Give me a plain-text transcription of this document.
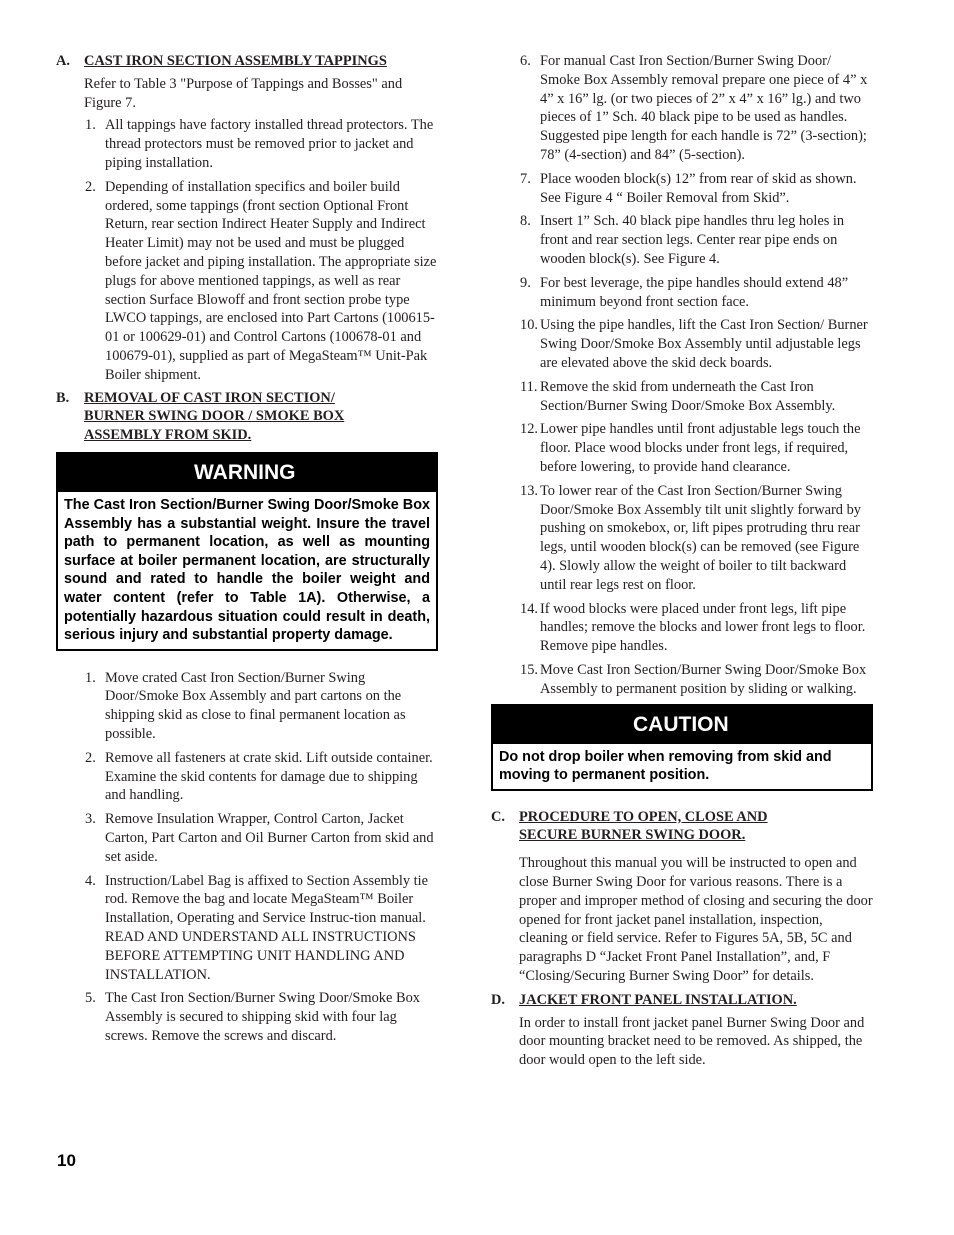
A. CAST IRON SECTION ASSEMBLY TAPPINGS
Refer to Table 3 "Purpose of Tappings and Bosses" and Figure 7.
1. All tappings have factory installed thread protectors. The thread protectors must be removed prior to jacket and piping installation.
2. Depending of installation specifics and boiler build ordered, some tappings (front section Optional Front Return, rear section Indirect Heater Supply and Indirect Heater Limit) may not be used and must be plugged before jacket and piping installation. The appropriate size plugs for above mentioned tappings, as well as rear section Surface Blowoff and front section probe type LWCO tappings, are enclosed into Part Cartons (100615-01 or 100629-01) and Control Cartons (100678-01 and 100679-01), supplied as part of MegaSteam™ Unit-Pak Boiler shipment.
B.	REMOVAL OF CAST IRON SECTION/ BURNER SWING DOOR / SMOKE BOX ASSEMBLY FROM SKID.
WARNING
The Cast Iron Section/Burner Swing Door/Smoke Box Assembly has a substantial weight. Insure the travel path to permanent location, as well as mounting surface at boiler permanent location, are structurally sound and rated to handle the boiler weight and water content (refer to Table 1A). Otherwise, a potentially hazardous situation could result in death, serious injury and substantial property damage.
1. Move crated Cast Iron Section/Burner Swing Door/Smoke Box Assembly and part cartons on the shipping skid as close to final permanent location as possible.
2. Remove all fasteners at crate skid. Lift outside container. Examine the skid contents for damage due to shipping and handling.
3. Remove Insulation Wrapper, Control Carton, Jacket Carton, Part Carton and Oil Burner Carton from skid and set aside.
4. Instruction/Label Bag is affixed to Section Assembly tie rod. Remove the bag and locate MegaSteam™ Boiler Installation, Operating and Service Instruc-tion manual. READ AND UNDERSTAND ALL INSTRUCTIONS BEFORE ATTEMPTING UNIT HANDLING AND INSTALLATION.
5. The Cast Iron Section/Burner Swing Door/Smoke Box Assembly is secured to shipping skid with four lag screws. Remove the screws and discard.
6. For manual Cast Iron Section/Burner Swing Door/ Smoke Box Assembly removal prepare one piece of 4” x 4” x 16” lg. (or two pieces of 2” x 4” x 16” lg.) and two pieces of 1” Sch. 40 black pipe to be used as handles. Suggested pipe length for each handle is 72” (3-section); 78” (4-section) and 84” (5-section).
7. Place wooden block(s) 12” from rear of skid as shown. See Figure 4 “ Boiler Removal from Skid”.
8. Insert 1” Sch. 40 black pipe handles thru leg holes in front and rear section legs. Center rear pipe ends on wooden block(s). See Figure 4.
9. For best leverage, the pipe handles should extend 48” minimum beyond front section face.
10. Using the pipe handles, lift the Cast Iron Section/ Burner Swing Door/Smoke Box Assembly until adjustable legs are elevated above the skid deck boards.
11. Remove the skid from underneath the Cast Iron Section/Burner Swing Door/Smoke Box Assembly.
12. Lower pipe handles until front adjustable legs touch the floor. Place wood blocks under front legs, if required, before lowering, to provide hand clearance.
13. To lower rear of the Cast Iron Section/Burner Swing Door/Smoke Box Assembly tilt unit slightly forward by pushing on smokebox, or, lift pipes protruding thru rear legs, until wooden block(s) can be removed (see Figure 4). Slowly allow the weight of boiler to tilt backward until rear legs rest on floor.
14. If wood blocks were placed under front legs, lift pipe handles; remove the blocks and lower front legs to floor. Remove pipe handles.
15. Move Cast Iron Section/Burner Swing Door/Smoke Box Assembly to permanent position by sliding or walking.
CAUTION
Do not drop boiler when removing from skid and moving to permanent position.
C. PROCEDURE TO OPEN, CLOSE AND SECURE BURNER SWING DOOR.
Throughout this manual you will be instructed to open and close Burner Swing Door for various reasons. There is a proper and improper method of closing and securing the door opened for front jacket panel installation, inspection, cleaning or field service. Refer to Figures 5A, 5B, 5C and paragraphs D “Jacket Front Panel Installation”, and, F “Closing/Securing Burner Swing Door” for details.
D. JACKET FRONT PANEL INSTALLATION.
In order to install front jacket panel Burner Swing Door and door mounting bracket need to be removed. As shipped, the door would open to the left side.
10
